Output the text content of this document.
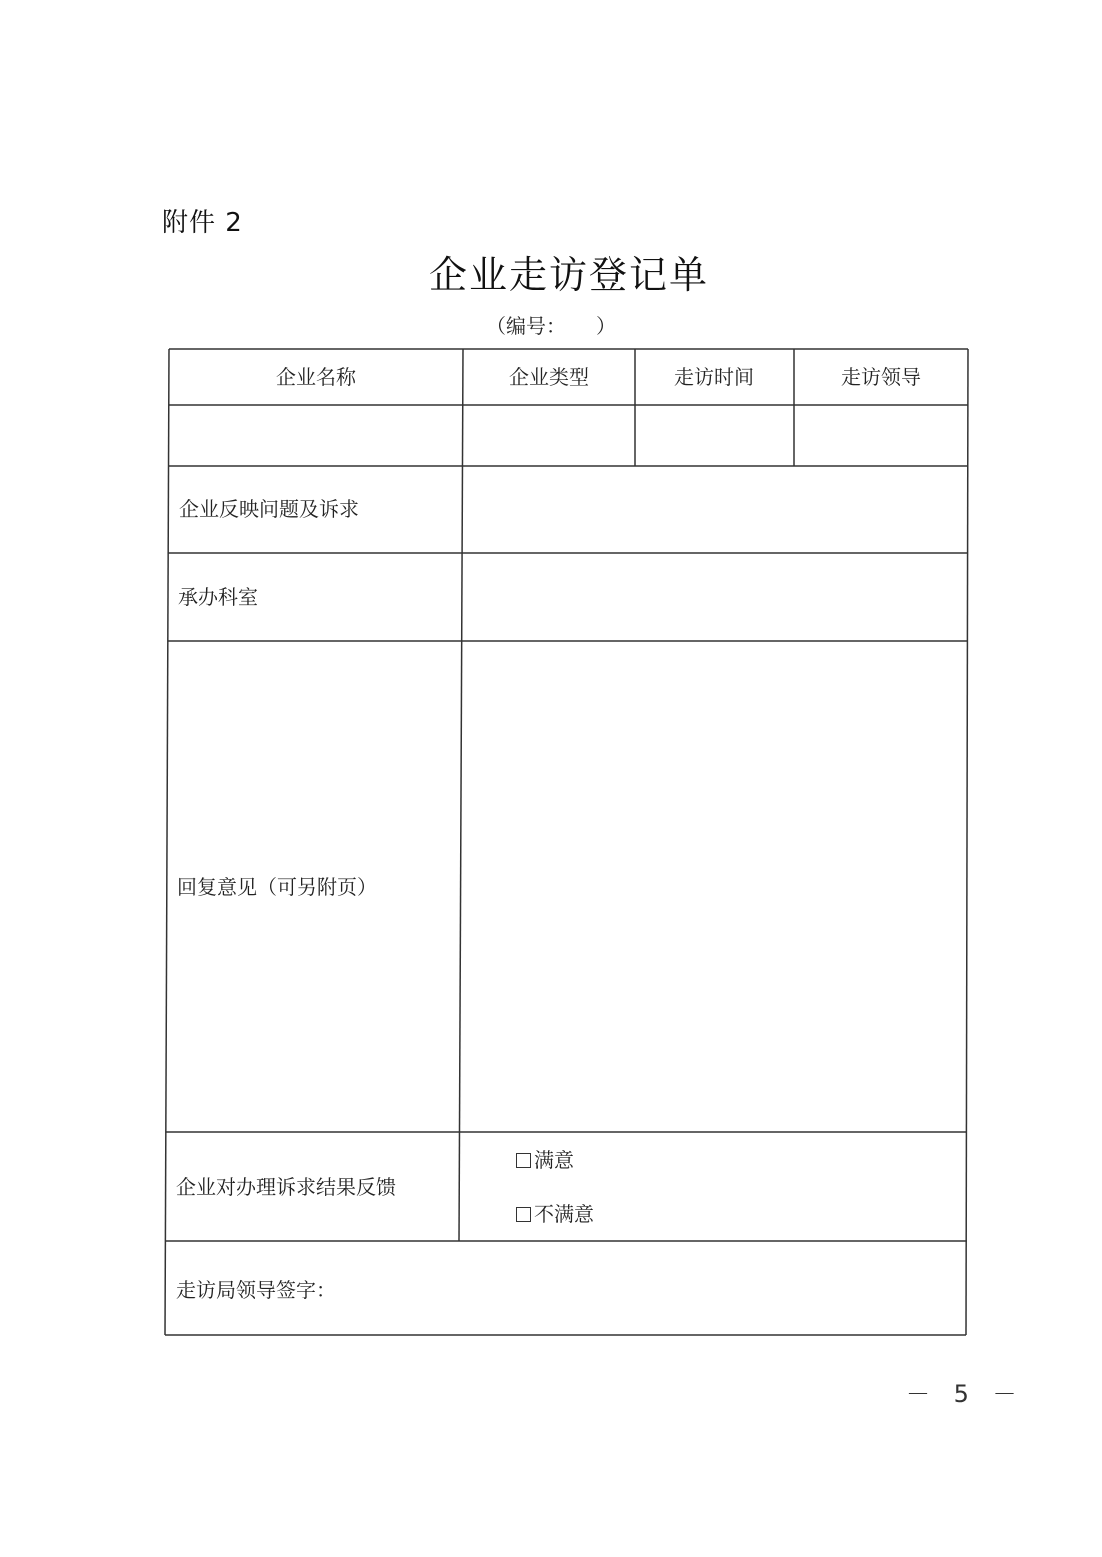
附件 2
企业走访登记单
（编号： ）
企业名称	企业类型	走访时间	走访领导
企业反映问题及诉求
承办科室
回复意见（可另附页）
企业对办理诉求结果反馈
满意
不满意
走访局领导签字：
－ 5 －
